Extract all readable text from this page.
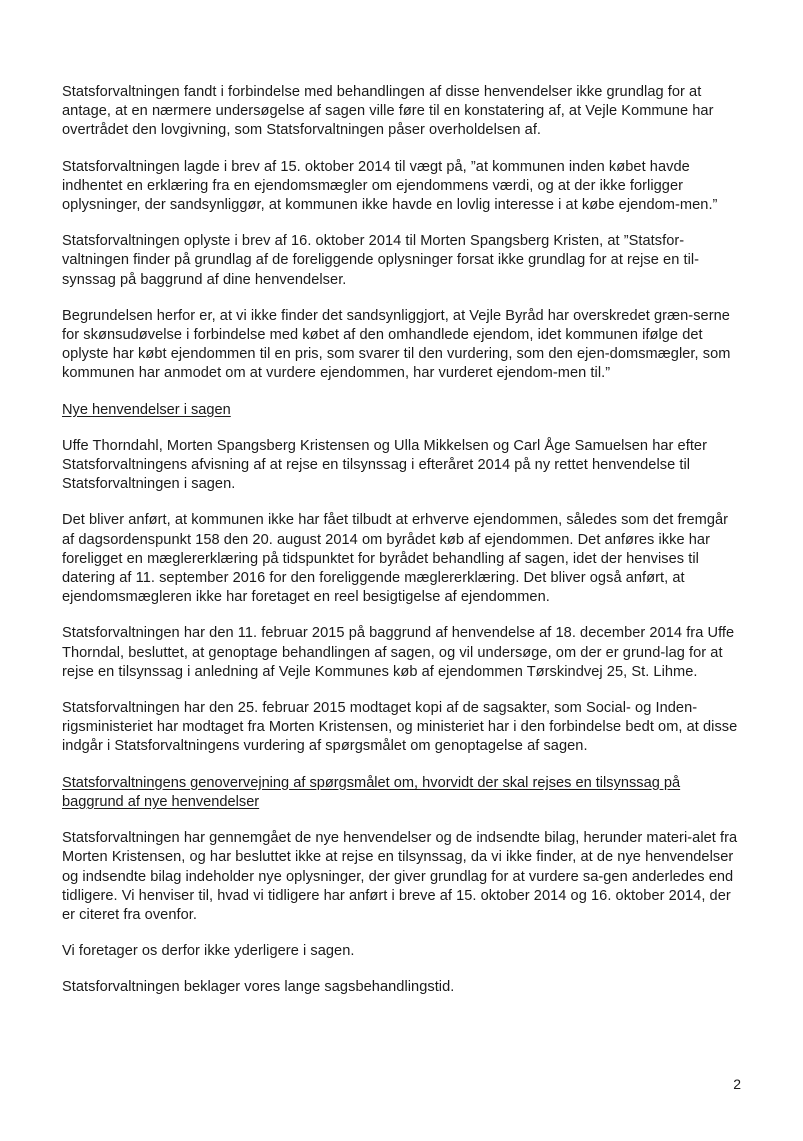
Statsforvaltningen fandt i forbindelse med behandlingen af disse henvendelser ikke grundlag for at antage, at en nærmere undersøgelse af sagen ville føre til en konstatering af, at Vejle Kommune har overtrådet den lovgivning, som Statsforvaltningen påser overholdelsen af.

Statsforvaltningen lagde i brev af 15. oktober 2014 til vægt på, ”at kommunen inden købet havde indhentet en erklæring fra en ejendomsmægler om ejendommens værdi, og at der ikke forligger oplysninger, der sandsynliggør, at kommunen ikke havde en lovlig interesse i at købe ejendom-men.”

Statsforvaltningen oplyste i brev af 16. oktober 2014 til Morten Spangsberg Kristen, at ”Statsfor-valtningen finder på grundlag af de foreliggende oplysninger forsat ikke grundlag for at rejse en til-synssag på baggrund af dine henvendelser.

Begrundelsen herfor er, at vi ikke finder det sandsynliggjort, at Vejle Byråd har overskredet græn-serne for skønsudøvelse i forbindelse med købet af den omhandlede ejendom, idet kommunen ifølge det oplyste har købt ejendommen til en pris, som svarer til den vurdering, som den ejen-domsmægler, som kommunen har anmodet om at vurdere ejendommen, har vurderet ejendom-men til.”

Nye henvendelser i sagen

Uffe Thorndahl, Morten Spangsberg Kristensen og Ulla Mikkelsen og Carl Åge Samuelsen har efter Statsforvaltningens afvisning af at rejse en tilsynssag i efteråret 2014 på ny rettet henvendelse til Statsforvaltningen i sagen.

Det bliver anført, at kommunen ikke har fået tilbudt at erhverve ejendommen, således som det fremgår af dagsordenspunkt 158 den 20. august 2014 om byrådet køb af ejendommen. Det anføres ikke har foreligget en mæglererklæring på tidspunktet for byrådet behandling af sagen, idet der henvises til datering af 11. september 2016 for den foreliggende mæglererklæring. Det bliver også anført, at ejendomsmægleren ikke har foretaget en reel besigtigelse af ejendommen.

Statsforvaltningen har den 11. februar 2015 på baggrund af henvendelse af 18. december 2014 fra Uffe Thorndal, besluttet, at genoptage behandlingen af sagen, og vil undersøge, om der er grund-lag for at rejse en tilsynssag i anledning af Vejle Kommunes køb af ejendommen Tørskindvej 25, St. Lihme.

Statsforvaltningen har den 25. februar 2015 modtaget kopi af de sagsakter, som Social- og Inden-rigsministeriet har modtaget fra Morten Kristensen, og ministeriet har i den forbindelse bedt om, at disse indgår i Statsforvaltningens vurdering af spørgsmålet om genoptagelse af sagen.

Statsforvaltningens genovervejning af spørgsmålet om, hvorvidt der skal rejses en tilsynssag på baggrund af nye henvendelser

Statsforvaltningen har gennemgået de nye henvendelser og de indsendte bilag, herunder materi-alet fra Morten Kristensen, og har besluttet ikke at rejse en tilsynssag, da vi ikke finder, at de nye henvendelser og indsendte bilag indeholder nye oplysninger, der giver grundlag for at vurdere sa-gen anderledes end tidligere. Vi henviser til, hvad vi tidligere har anført i breve af 15. oktober 2014 og 16. oktober 2014, der er citeret fra ovenfor.

Vi foretager os derfor ikke yderligere i sagen.

Statsforvaltningen beklager vores lange sagsbehandlingstid.

2
